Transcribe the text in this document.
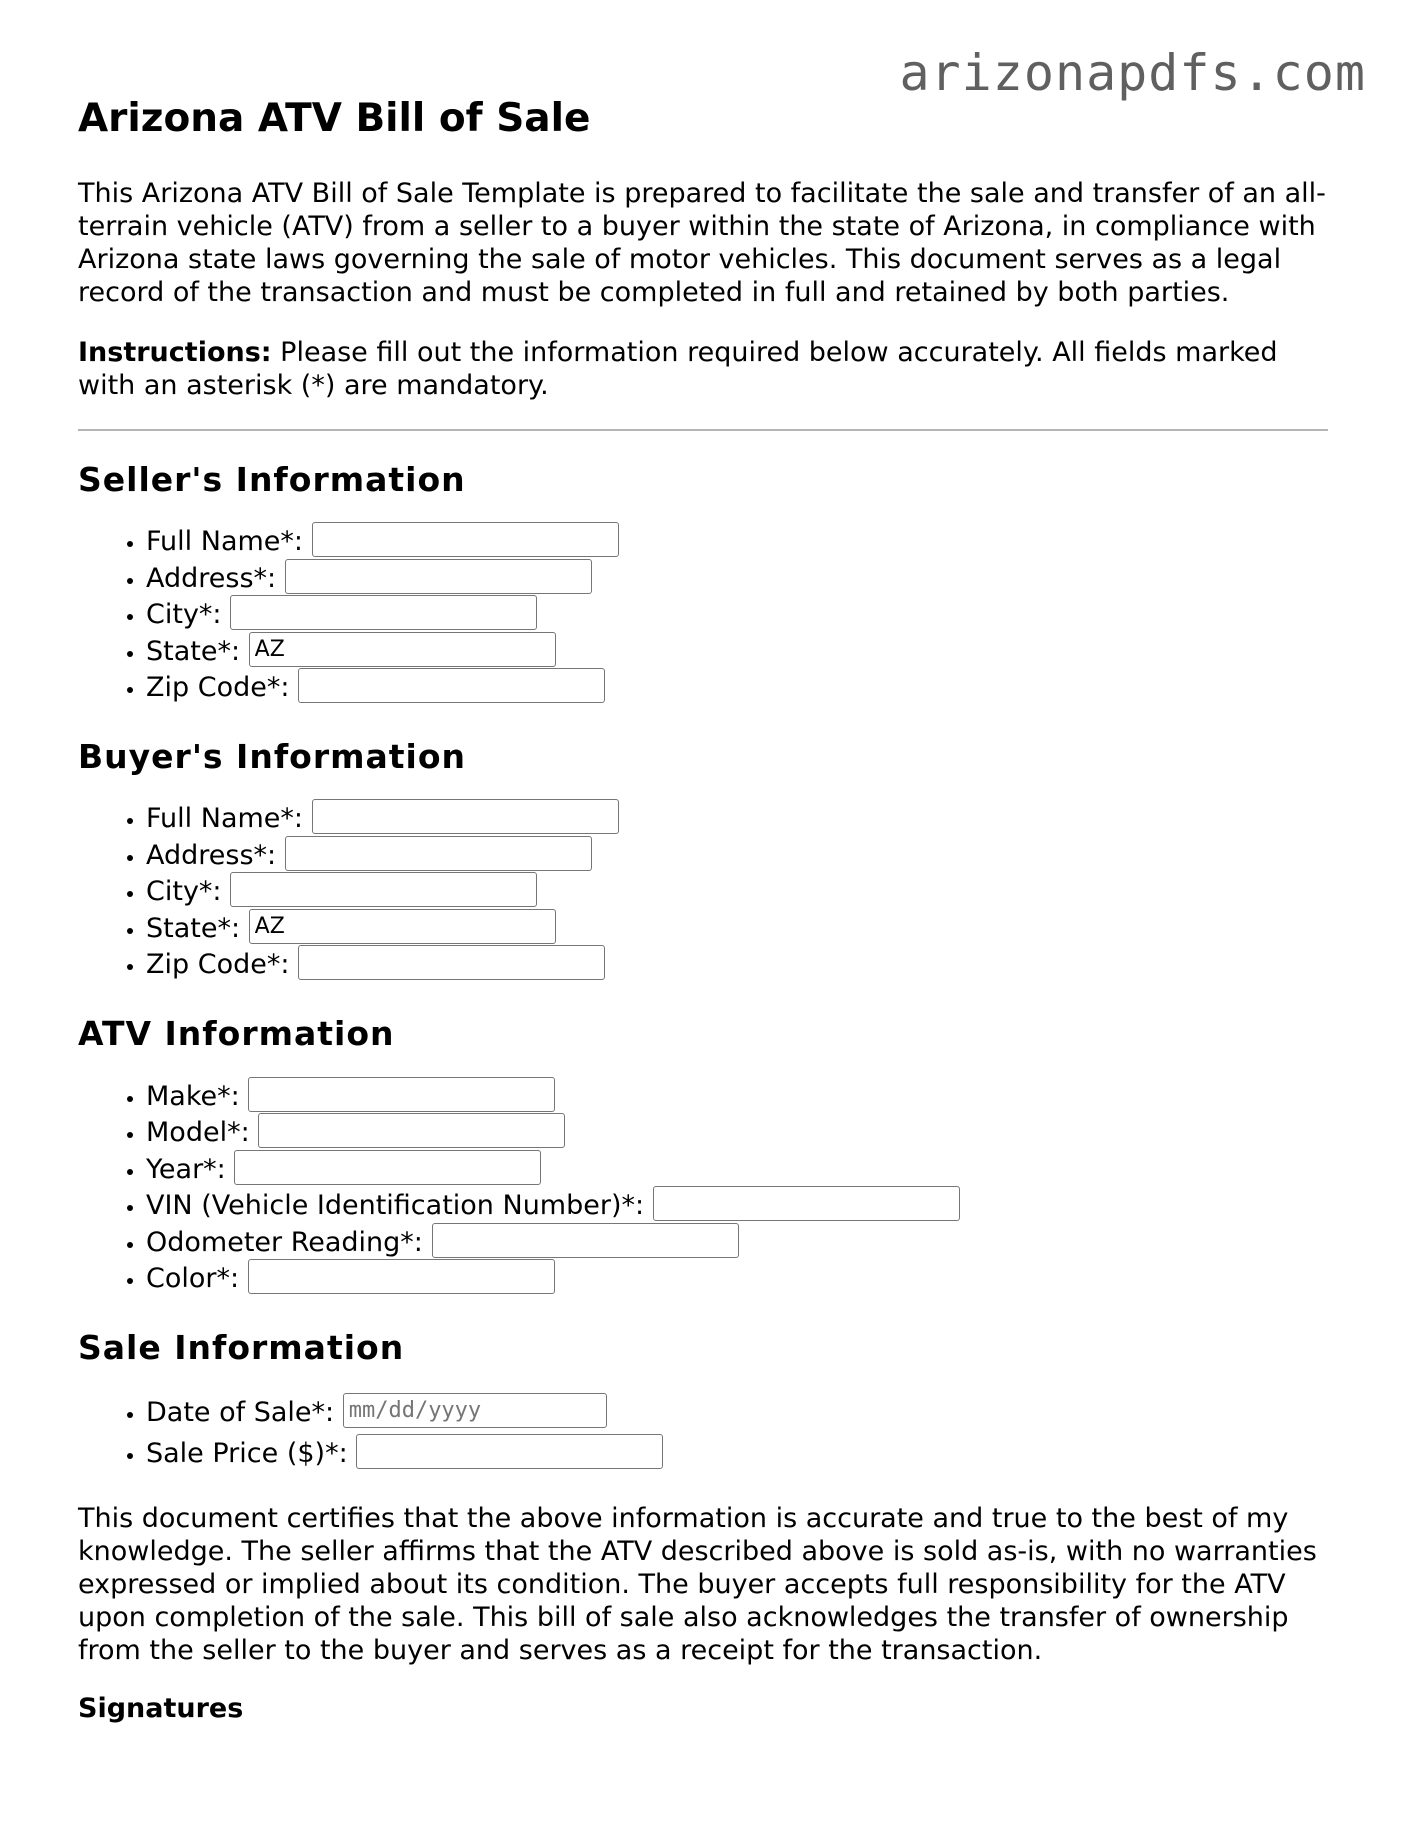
arizonapdfs.com
Arizona ATV Bill of Sale

This Arizona ATV Bill of Sale Template is prepared to facilitate the sale and transfer of an all-terrain vehicle (ATV) from a seller to a buyer within the state of Arizona, in compliance with Arizona state laws governing the sale of motor vehicles. This document serves as a legal record of the transaction and must be completed in full and retained by both parties.

Instructions: Please fill out the information required below accurately. All fields marked with an asterisk (*) are mandatory.

Seller's Information
• Full Name*:
• Address*:
• City*:
• State*: AZ
• Zip Code*:
Buyer's Information
• Full Name*:
• Address*:
• City*:
• State*: AZ
• Zip Code*:
ATV Information
• Make*:
• Model*:
• Year*:
• VIN (Vehicle Identification Number)*:
• Odometer Reading*:
• Color*:
Sale Information
• Date of Sale*: mm/dd/yyyy
• Sale Price ($)*:

This document certifies that the above information is accurate and true to the best of my knowledge. The seller affirms that the ATV described above is sold as-is, with no warranties expressed or implied about its condition. The buyer accepts full responsibility for the ATV upon completion of the sale. This bill of sale also acknowledges the transfer of ownership from the seller to the buyer and serves as a receipt for the transaction.

Signatures
